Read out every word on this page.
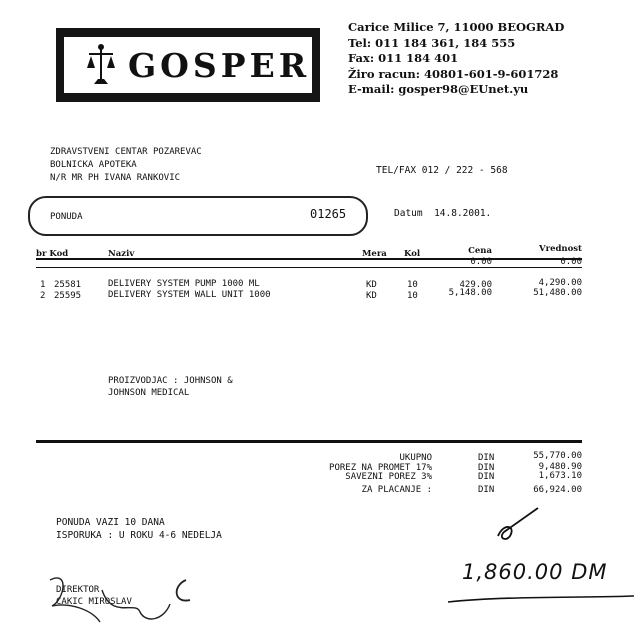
GOSPER
Carice Milice 7, 11000 BEOGRAD
Tel: 011 184 361, 184 555
Fax: 011 184 401
Žiro racun: 40801-601-9-601728
E-mail: gosper98@EUnet.yu
ZDRAVSTVENI CENTAR POZAREVAC
BOLNICKA APOTEKA
N/R MR PH IVANA RANKOVIC
TEL/FAX 012 / 222 - 568
PONUDA	01265	Datum 14.8.2001.
br Kod	Naziv	Mera Kol	Cena	Vrednost
0.00	0.00
1 25581	DELIVERY SYSTEM PUMP 1000 ML	KD	10	429.00	4,290.00
2 25595	DELIVERY SYSTEM WALL UNIT 1000	KD	10	5,148.00	51,480.00
PROIZVODJAC : JOHNSON &
JOHNSON MEDICAL
UKUPNO	DIN	55,770.00
POREZ NA PROMET 17%	DIN	9,480.90
SAVEZNI POREZ 3%	DIN	1,673.10
ZA PLACANJE :	DIN	66,924.00
PONUDA VAZI 10 DANA
ISPORUKA : U ROKU 4-6 NEDELJA
DIREKTOR
CAKIC MIROSLAV
1,860.00 DM
